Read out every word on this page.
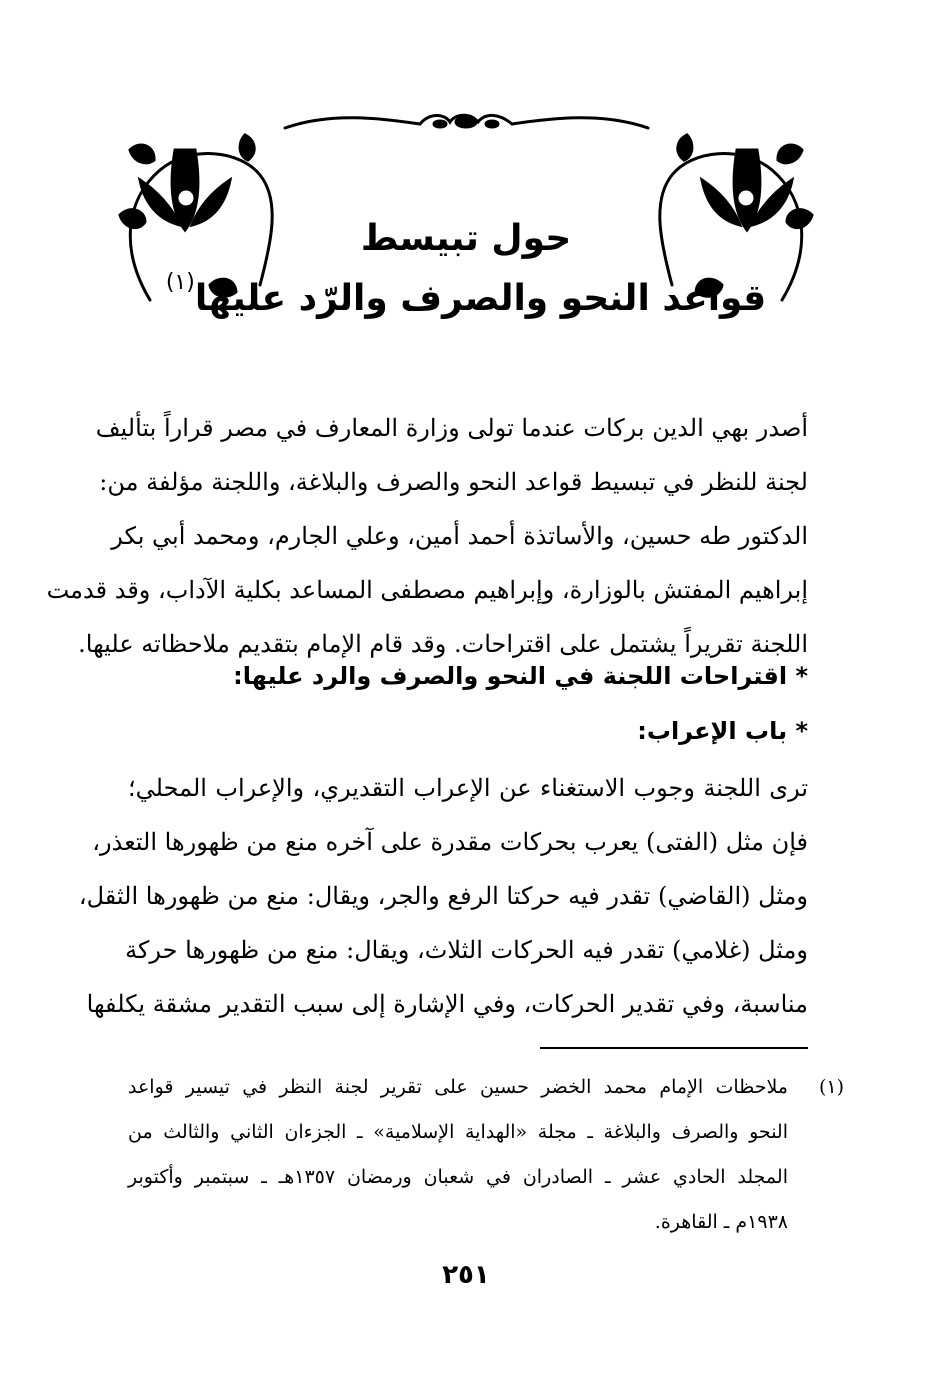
حول تبيسط
قواعد النحو والصرف والرّد عليها$^{(١)}$

أصدر بهي الدين بركات عندما تولى وزارة المعارف في مصر قراراً بتأليف
لجنة للنظر في تبسيط قواعد النحو والصرف والبلاغة، واللجنة مؤلفة من:
الدكتور طه حسين، والأساتذة أحمد أمين، وعلي الجارم، ومحمد أبي بكر
إبراهيم المفتش بالوزارة، وإبراهيم مصطفى المساعد بكلية الآداب، وقد قدمت
اللجنة تقريراً يشتمل على اقتراحات. وقد قام الإمام بتقديم ملاحظاته عليها.

* اقتراحات اللجنة في النحو والصرف والرد عليها:

* باب الإعراب:

ترى اللجنة وجوب الاستغناء عن الإعراب التقديري، والإعراب المحلي؛
فإن مثل (الفتى) يعرب بحركات مقدرة على آخره منع من ظهورها التعذر،
ومثل (القاضي) تقدر فيه حركتا الرفع والجر، ويقال: منع من ظهورها الثقل،
ومثل (غلامي) تقدر فيه الحركات الثلاث، ويقال: منع من ظهورها حركة
مناسبة، وفي تقدير الحركات، وفي الإشارة إلى سبب التقدير مشقة يكلفها

(١)
ملاحظات الإمام محمد الخضر حسين على تقرير لجنة النظر في تيسير قواعد
النحو والصرف والبلاغة ـ مجلة «الهداية الإسلامية» ـ الجزءان الثاني والثالث من
المجلد الحادي عشر ـ الصادران في شعبان ورمضان ١٣٥٧هـ ـ سبتمبر وأكتوبر
١٩٣٨م ـ القاهرة.
٢٥١
